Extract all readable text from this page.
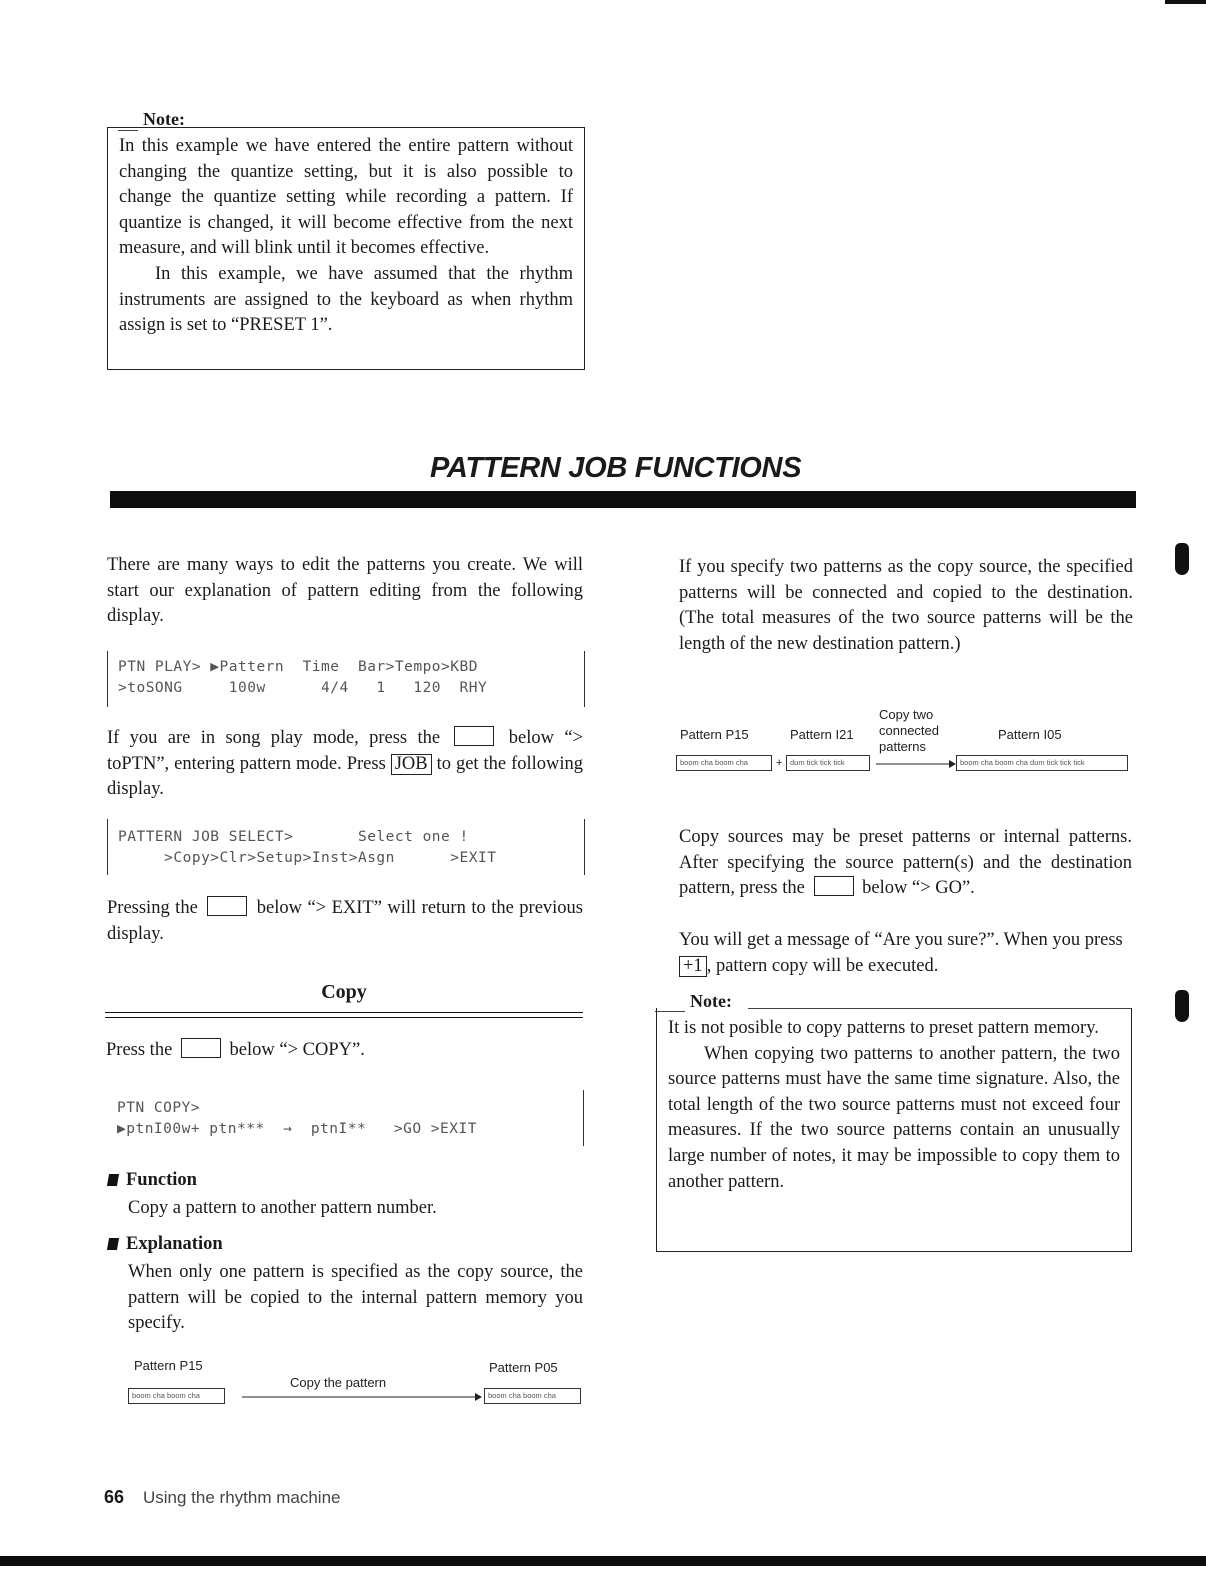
Note:

In this example we have entered the entire pattern without changing the quantize setting, but it is also possible to change the quantize setting while recording a pattern. If quantize is changed, it will become effective from the next measure, and will blink until it becomes effective.

In this example, we have assumed that the rhythm instruments are assigned to the keyboard as when rhythm assign is set to “PRESET 1”.

PATTERN JOB FUNCTIONS
There are many ways to edit the patterns you create. We will start our explanation of pattern editing from the following display.
PTN PLAY> ▶Pattern  Time  Bar>Tempo>KBD
>toSONG     100w      4/4   1   120  RHY
If you are in song play mode, press the	below “> toPTN”, entering pattern mode. Press JOB to get the following display.
PATTERN JOB SELECT>       Select one !
>Copy>Clr>Setup>Inst>Asgn      >EXIT
Pressing the	below “> EXIT” will return to the previous display.
Copy
Press the	below “> COPY”.
PTN COPY>
▶ptnI00w+ ptn***  →  ptnI**   >GO >EXIT
Function
Copy a pattern to another pattern number.
Explanation
When only one pattern is specified as the copy source, the pattern will be copied to the internal pattern memory you specify.
Pattern P15	Pattern P05
Copy the pattern
boom cha boom cha	boom cha boom cha
If you specify two patterns as the copy source, the specified patterns will be connected and copied to the destination. (The total measures of the two source patterns will be the length of the new destination pattern.)
Pattern P15	Pattern I21
Copy two connected patterns
Pattern I05
boom cha boom cha	+	dum tick tick tick	boom cha boom cha dum tick tick tick
Copy sources may be preset patterns or internal patterns. After specifying the source pattern(s) and the destination pattern, press the	below “> GO”.
You will get a message of “Are you sure?”. When you press+1 , pattern copy will be executed.
Note:

It is not posible to copy patterns to preset pattern memory.

When copying two patterns to another pattern, the two source patterns must have the same time signature. Also, the total length of the two source patterns must not exceed four measures. If the two source patterns contain an unusually large number of notes, it may be impossible to copy them to another pattern.

66 Using the rhythm machine
